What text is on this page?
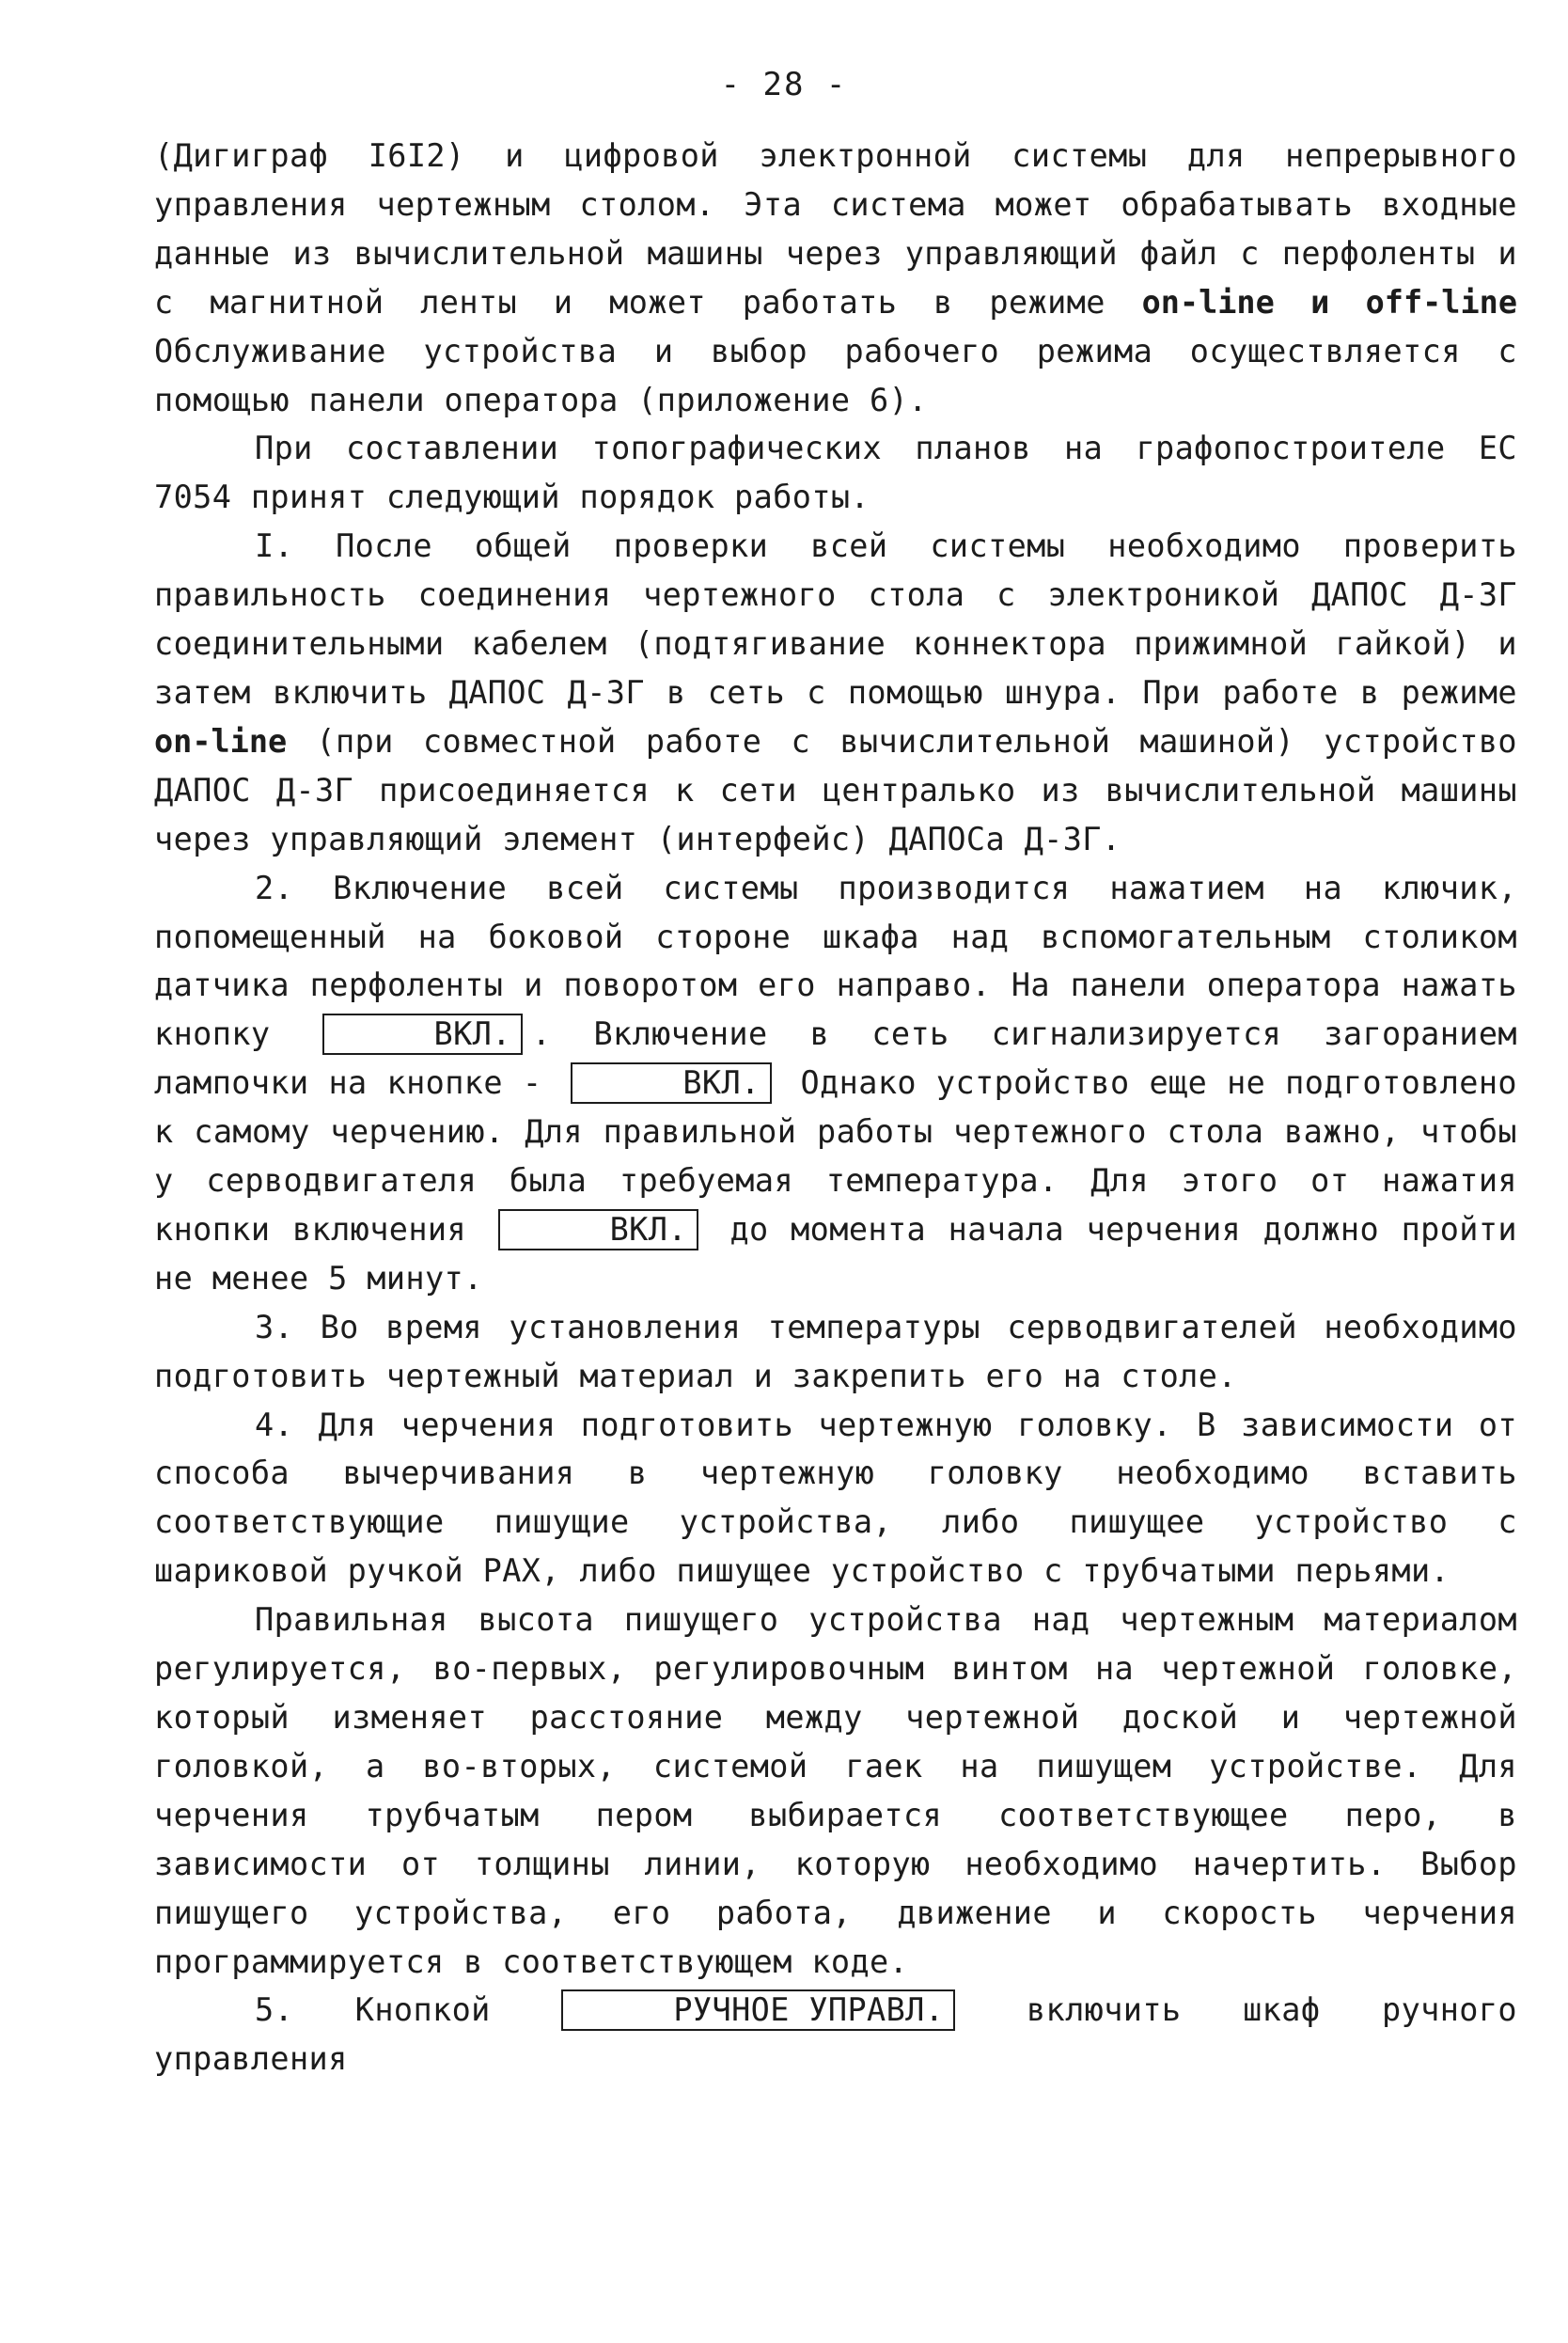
- 28 -

(Дигиграф I6I2) и цифровой электронной системы для непрерывного управления чертежным столом. Эта система может обрабатывать входные данные из вычислительной машины через управляющий файл с перфоленты и с магнитной ленты и может работать в режиме on-line и off-line Обслуживание устройства и выбор рабочего режима осуществляется с помощью панели оператора (приложение 6).

При составлении топографических планов на графопостроителе ЕС 7054 принят следующий порядок работы.

I. После общей проверки всей системы необходимо проверить правильность соединения чертежного стола с электроникой ДАПОС Д-3Г соединительными кабелем (подтягивание коннектора прижимной гайкой) и затем включить ДАПОС Д-3Г в сеть с помощью шнура. При работе в режиме on-line (при совместной работе с вычислительной машиной) устройство ДАПОС Д-3Г присоединяется к сети централько из вычислительной машины через управляющий элемент (интерфейс) ДАПОСа Д-3Г.

2. Включение всей системы производится нажатием на ключик, попомещенный на боковой стороне шкафа над вспомогательным столиком датчика перфоленты и поворотом его направо. На панели оператора нажать кнопку	ВКЛ. . Включение в сеть сигнализируется загоранием лампочки на кнопке -	ВКЛ. Однако устройство еще не подготовлено к самому черчению. Для правильной работы чертежного стола важно, чтобы у серводвигателя была требуемая температура. Для этого от нажатия кнопки включения	ВКЛ. до момента начала черчения должно пройти не менее 5 минут.

3. Во время установления температуры серводвигателей необходимо подготовить чертежный материал и закрепить его на столе.

4. Для черчения подготовить чертежную головку. В зависимости от способа вычерчивания в чертежную головку необходимо вставить соответствующие пишущие устройства, либо пишущее устройство с шариковой ручкой РАХ, либо пишущее устройство с трубчатыми перьями.

Правильная высота пишущего устройства над чертежным материалом регулируется, во-первых, регулировочным винтом на чертежной головке, который изменяет расстояние между чертежной доской и чертежной головкой, а во-вторых, системой гаек на пишущем устройстве. Для черчения трубчатым пером выбирается соответствующее перо, в зависимости от толщины линии, которую необходимо начертить. Выбор пишущего устройства, его работа, движение и скорость черчения программируется в соответствующем коде.

5. Кнопкой	РУЧНОЕ УПРАВЛ.	включить шкаф ручного управления
